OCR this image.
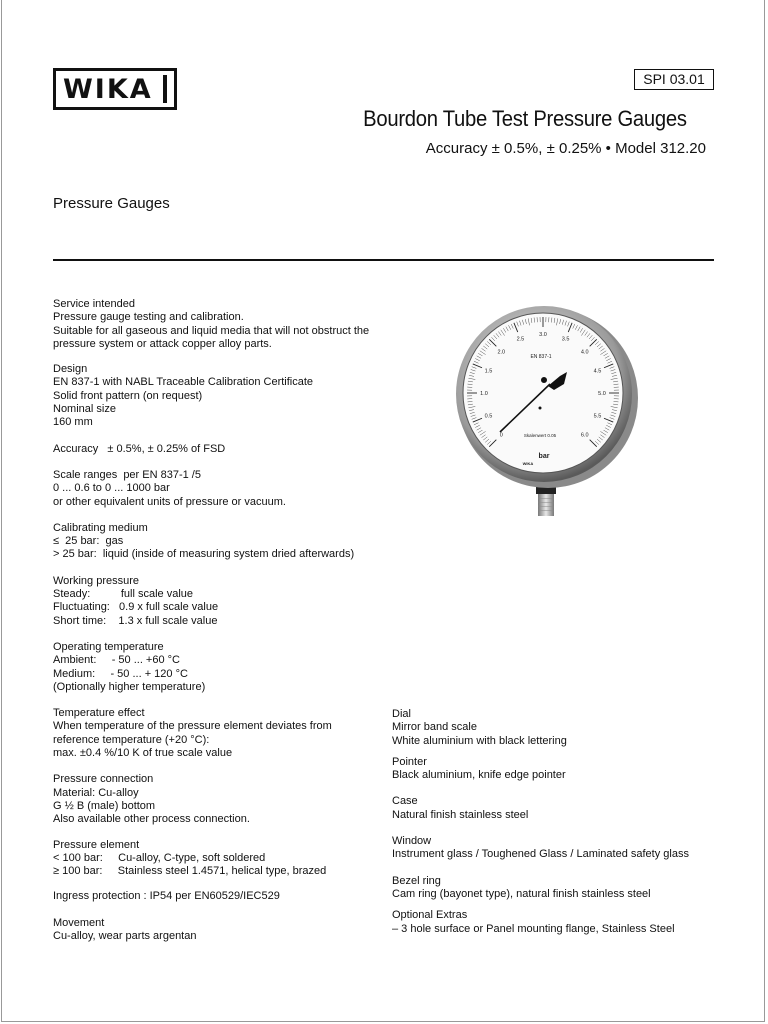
WIKA	SPI 03.01
Bourdon Tube Test Pressure Gauges
Accuracy ± 0.5%, ± 0.25% • Model 312.20
Pressure Gauges
Service intended
Pressure gauge testing and calibration.
Suitable for all gaseous and liquid media that will not obstruct the
pressure system or attack copper alloy parts.
Design
EN 837-1 with NABL Traceable Calibration Certificate
Solid front pattern (on request)
Nominal size
160 mm
Accuracy   ± 0.5%, ± 0.25% of FSD
Scale ranges  per EN 837-1 /5
0 ... 0.6 to 0 ... 1000 bar
or other equivalent units of pressure or vacuum.
Calibrating medium
≤  25 bar:  gas
> 25 bar:  liquid (inside of measuring system dried afterwards)
Working pressure
Steady:          full scale value
Fluctuating:   0.9 x full scale value
Short time:    1.3 x full scale value
Operating temperature
Ambient:     - 50 ... +60 °C
Medium:     - 50 ... + 120 °C
(Optionally higher temperature)
Temperature effect
When temperature of the pressure element deviates from
reference temperature (+20 °C):
max. ±0.4 %/10 K of true scale value
Pressure connection
Material: Cu-alloy
G ½ B (male) bottom
Also available other process connection.
Pressure element
< 100 bar:     Cu-alloy, C-type, soft soldered
≥ 100 bar:     Stainless steel 1.4571, helical type, brazed
Ingress protection : IP54 per EN60529/IEC529
Movement
Cu-alloy, wear parts argentan
Dial
Mirror band scale
White aluminium with black lettering
Pointer
Black aluminium, knife edge pointer
Case
Natural finish stainless steel
Window
Instrument glass / Toughened Glass / Laminated safety glass
Bezel ring
Cam ring (bayonet type), natural finish stainless steel
Optional Extras
– 3 hole surface or Panel mounting flange, Stainless Steel
0
0.5
1.0
1.5
2.0
2.5
3.0
3.5
4.0
4.5
5.0
5.5
6.0
EN 837-1
Skalenwert 0.05
bar
WIKA
